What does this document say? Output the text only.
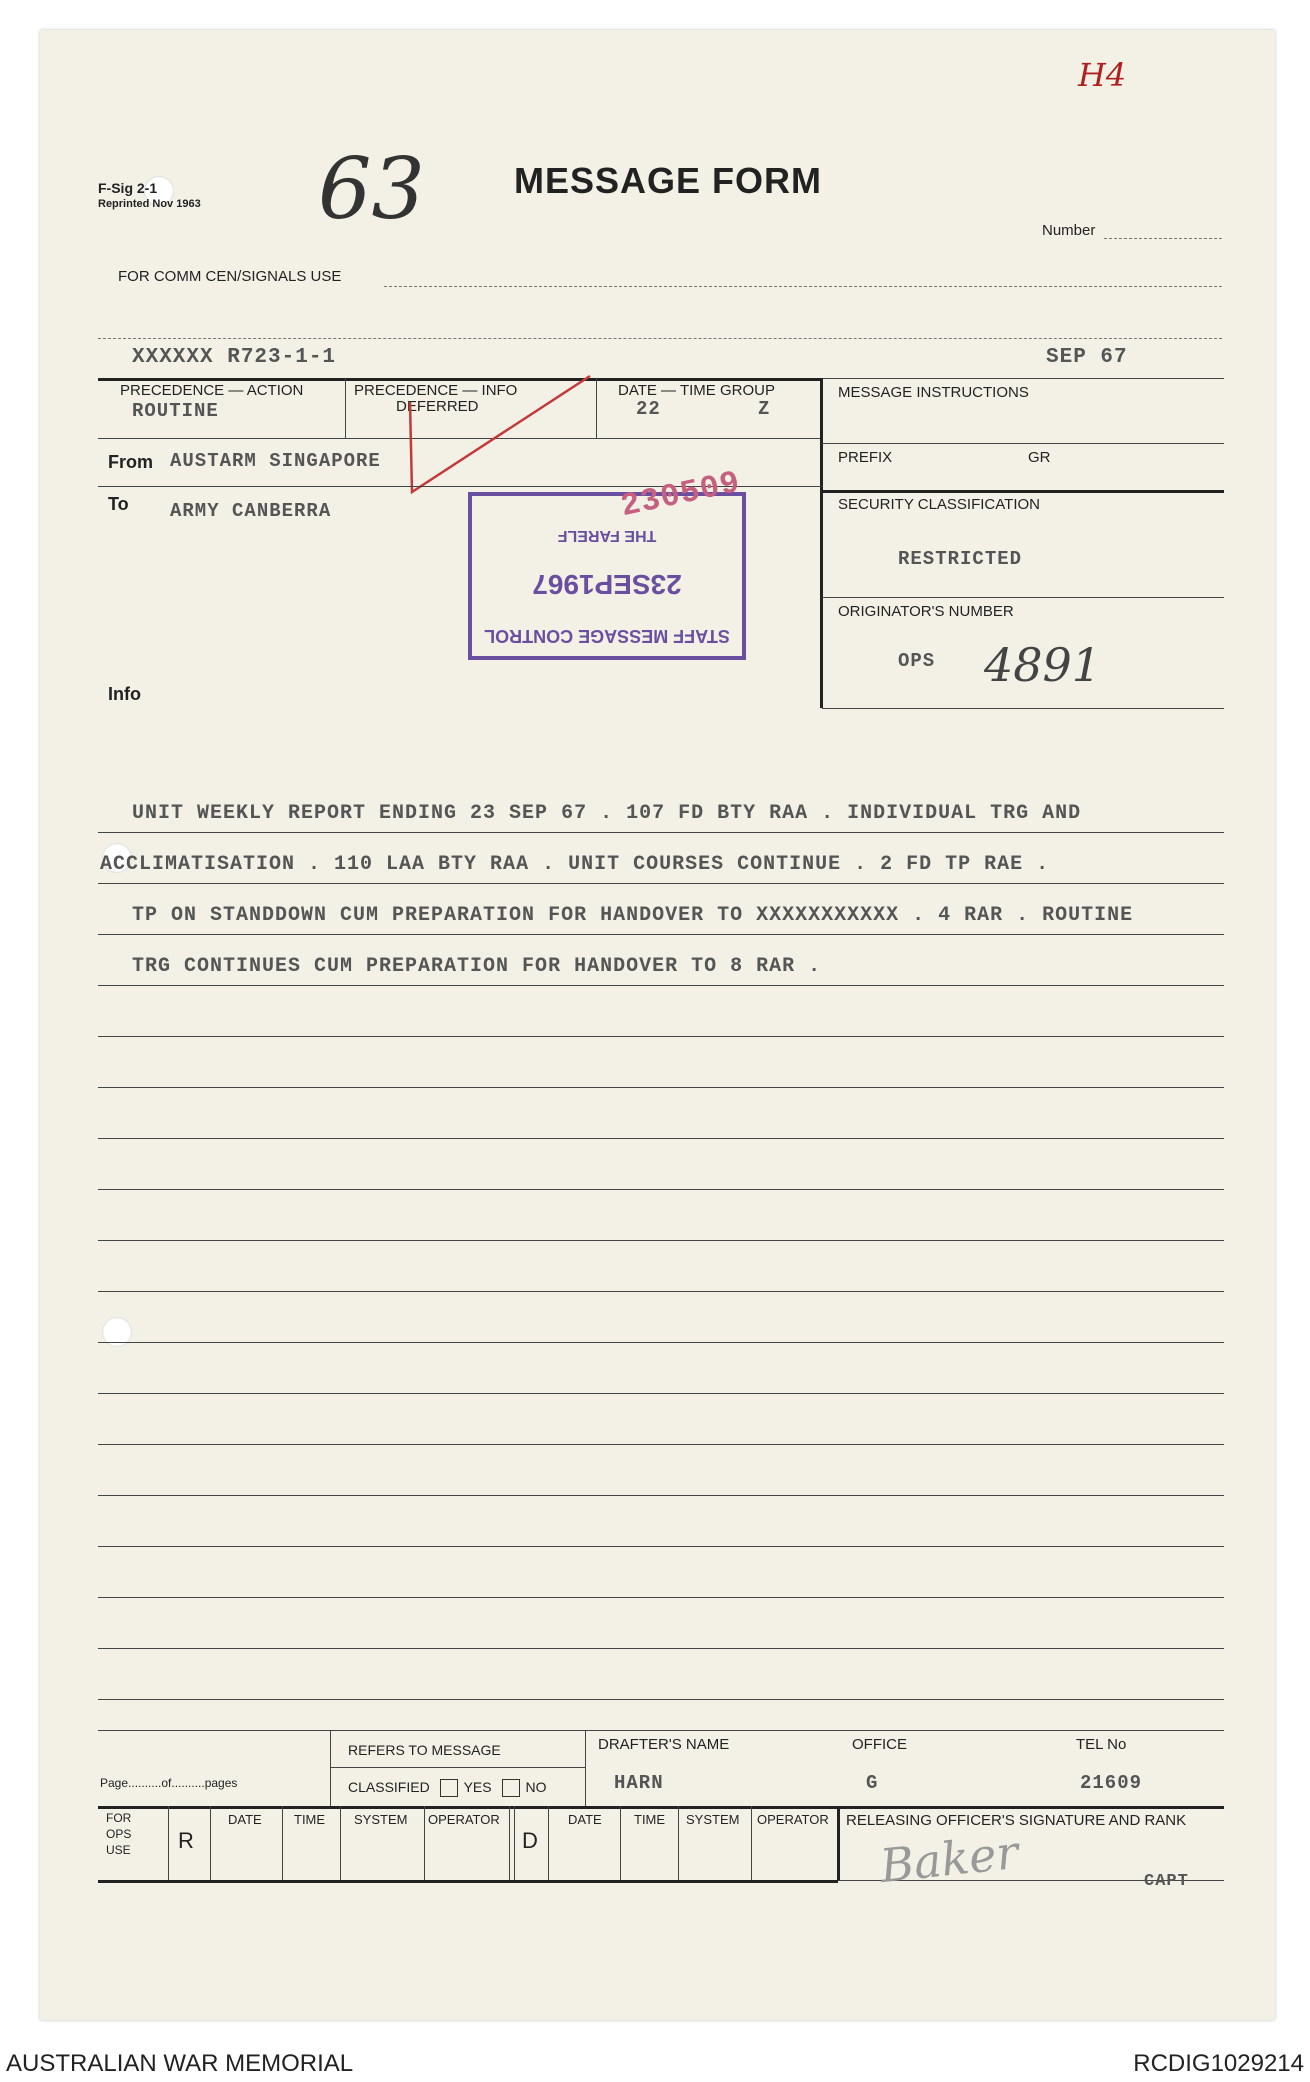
F-Sig 2-1
Reprinted Nov 1963 63 MESSAGE FORM
H4
Number
FOR COMM CEN/SIGNALS USE
XXXXXX R723-1-1	SEP 67
PRECEDENCE — ACTION
ROUTINE
PRECEDENCE — INFO
DEFERRED
DATE — TIME GROUP
22	Z
MESSAGE INSTRUCTIONS
PREFIX	GR
SECURITY CLASSIFICATION
RESTRICTED
ORIGINATOR'S NUMBER
OPS 4891
From AUSTARM SINGAPORE
To ARMY CANBERRA
Info
STAFF MESSAGE CONTROL
23SEP1967
THE FARELF
230509
UNIT WEEKLY REPORT ENDING 23 SEP 67 . 107 FD BTY RAA . INDIVIDUAL TRG AND
ACCLIMATISATION . 110 LAA BTY RAA . UNIT COURSES CONTINUE . 2 FD TP RAE .
TP ON STANDDOWN CUM PREPARATION FOR HANDOVER TO XXXXXXXXXXX . 4 RAR . ROUTINE
TRG CONTINUES CUM PREPARATION FOR HANDOVER TO 8 RAR .
Page..........of..........pages
REFERS TO MESSAGE
CLASSIFIED YES NO
DRAFTER'S NAME
HARN
OFFICE
G
TEL No
21609
FOR
OPS
USE R
DATE TIME SYSTEM OPERATOR
D
DATE TIME SYSTEM OPERATOR RELEASING OFFICER'S SIGNATURE AND RANK
Baker	CAPT
AUSTRALIAN WAR MEMORIAL	RCDIG1029214
